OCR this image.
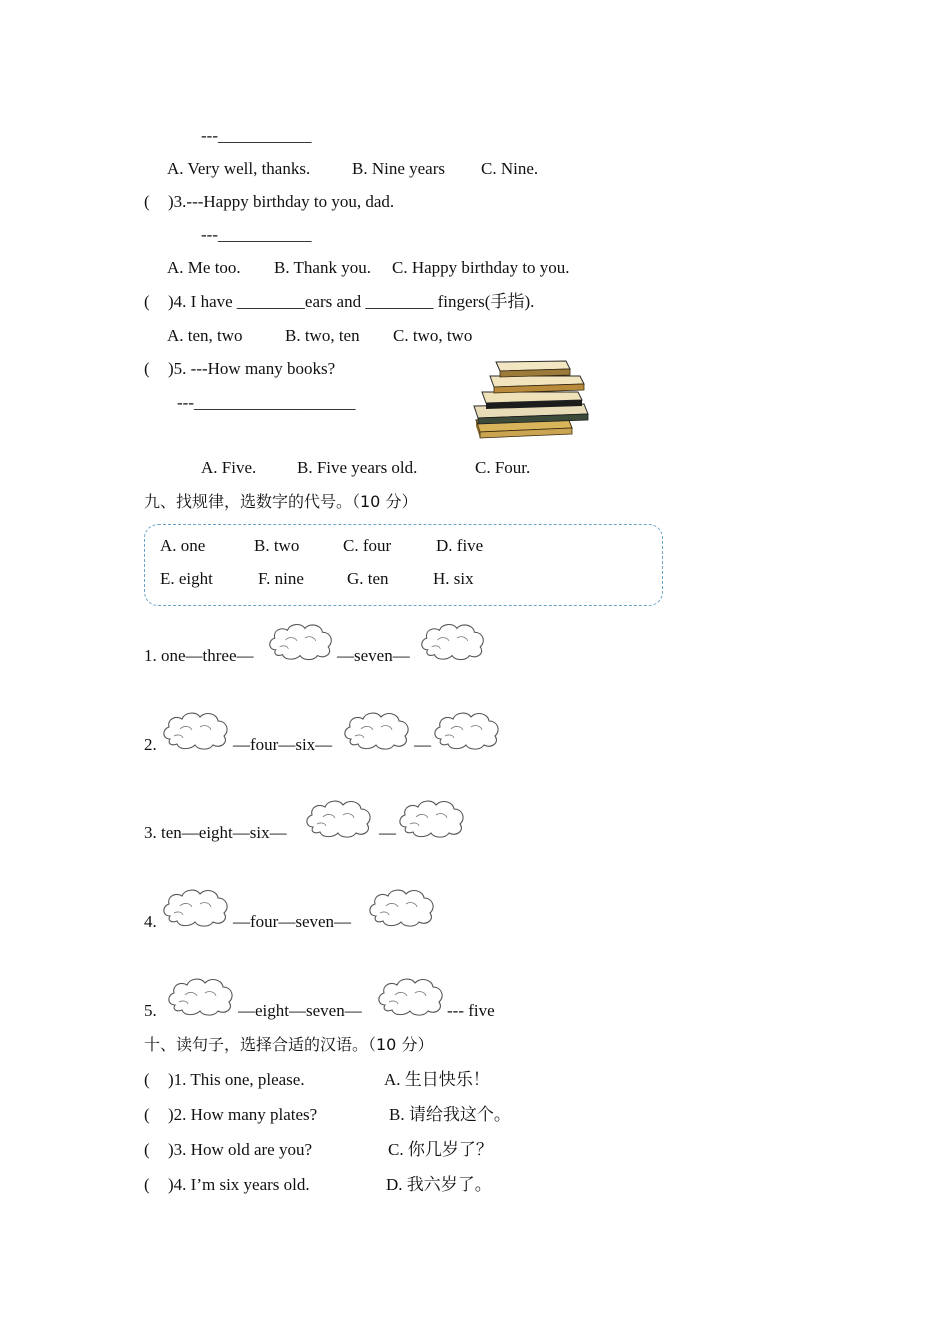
---___________
A. Very well, thanks. B. Nine years C. Nine.
( )3.---Happy birthday to you, dad.
---___________
A. Me too. B. Thank you. C. Happy birthday to you.
( )4. I have ________ears and ________ fingers(手指).
A. ten, two B. two, ten C. two, two
( )5. ---How many books?
---___________________
A. Five. B. Five years old.	C. Four.
九、找规律，选数字的代号。（10 分）
A. one	B. two	C. four	D. five
E. eight	F. nine	G. ten	H. six
1. one—three—	—seven—
2.	—four—six—	—
3. ten—eight—six—	—
4.	—four—seven—
5.	—eight—seven—	--- five
十、读句子，选择合适的汉语。（10 分）
( )1. This one, please.	A. 生日快乐！
( )2. How many plates?	B. 请给我这个。
( )3. How old are you?	C. 你几岁了？
( )4. I’m six years old.	D. 我六岁了。
